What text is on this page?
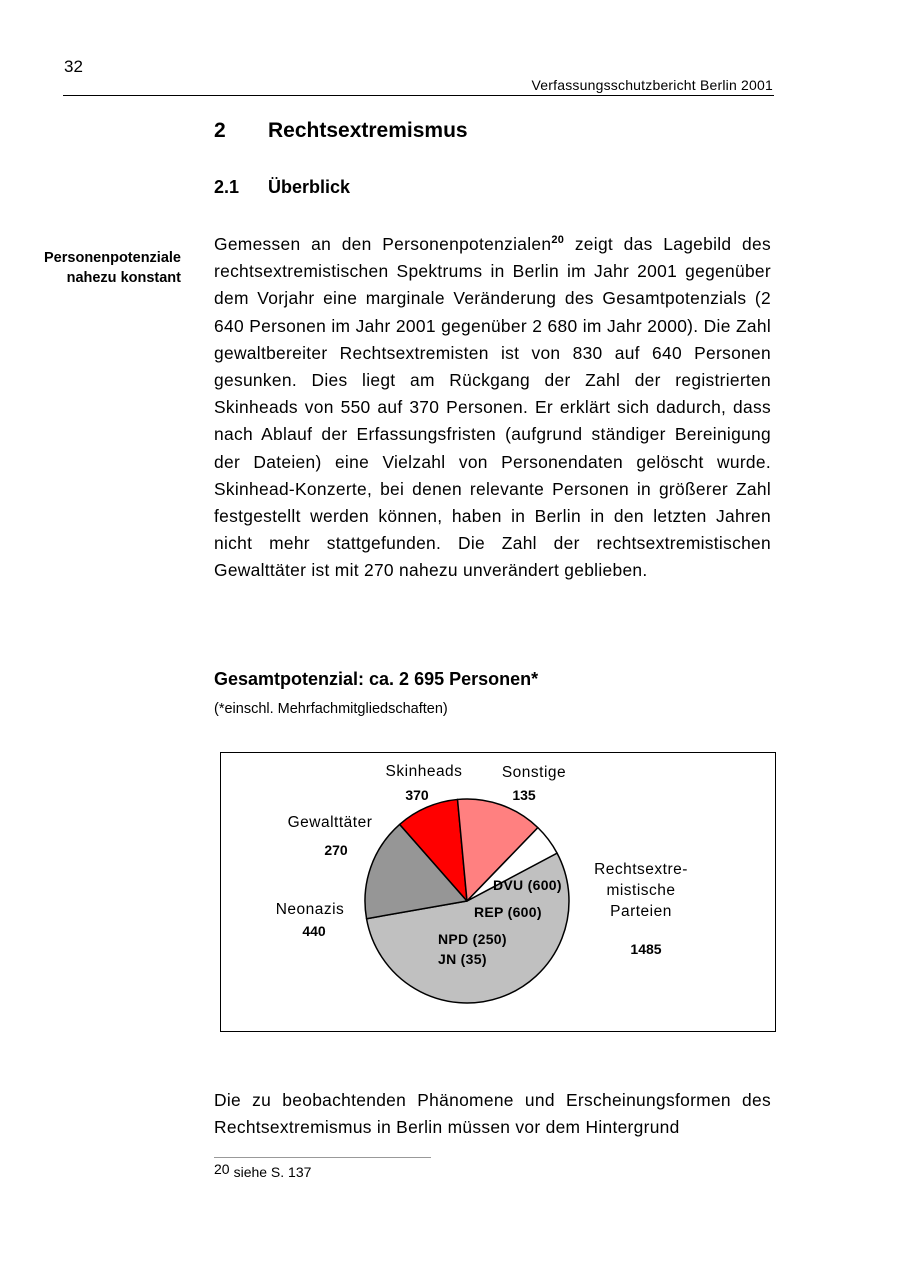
32
Verfassungsschutzbericht Berlin 2001
2 Rechtsextremismus
2.1 Überblick
Personenpotenziale
nahezu konstant
Gemessen an den Personenpotenzialen$^{20}$ zeigt das Lagebild des rechtsextremistischen Spektrums in Berlin im Jahr 2001 gegenüber dem Vorjahr eine marginale Veränderung des Gesamtpotenzials (2 640 Personen im Jahr 2001 gegenüber 2 680 im Jahr 2000). Die Zahl gewaltbereiter Rechtsextremisten ist von 830 auf 640 Personen gesunken. Dies liegt am Rückgang der Zahl der registrierten Skinheads von 550 auf 370 Personen. Er erklärt sich dadurch, dass nach Ablauf der Erfassungsfristen (aufgrund ständiger Bereinigung der Dateien) eine Vielzahl von Personendaten gelöscht wurde. Skinhead-Konzerte, bei denen relevante Personen in größerer Zahl festgestellt werden können, haben in Berlin in den letzten Jahren nicht mehr stattgefunden. Die Zahl der rechtsextremistischen Gewalttäter ist mit 270 nahezu unverändert geblieben.
Gesamtpotenzial: ca. 2 695 Personen*
(*einschl. Mehrfachmitgliedschaften)
Rechtsextre-
mistische
Parteien
1485
Neonazis
440
Gewalttäter
270
Skinheads
370
Sonstige
135
DVU (600)
REP (600)
NPD (250)
JN (35)
Die zu beobachtenden Phänomene und Erscheinungsformen des Rechtsextremismus in Berlin müssen vor dem Hintergrund
20 siehe S. 137
